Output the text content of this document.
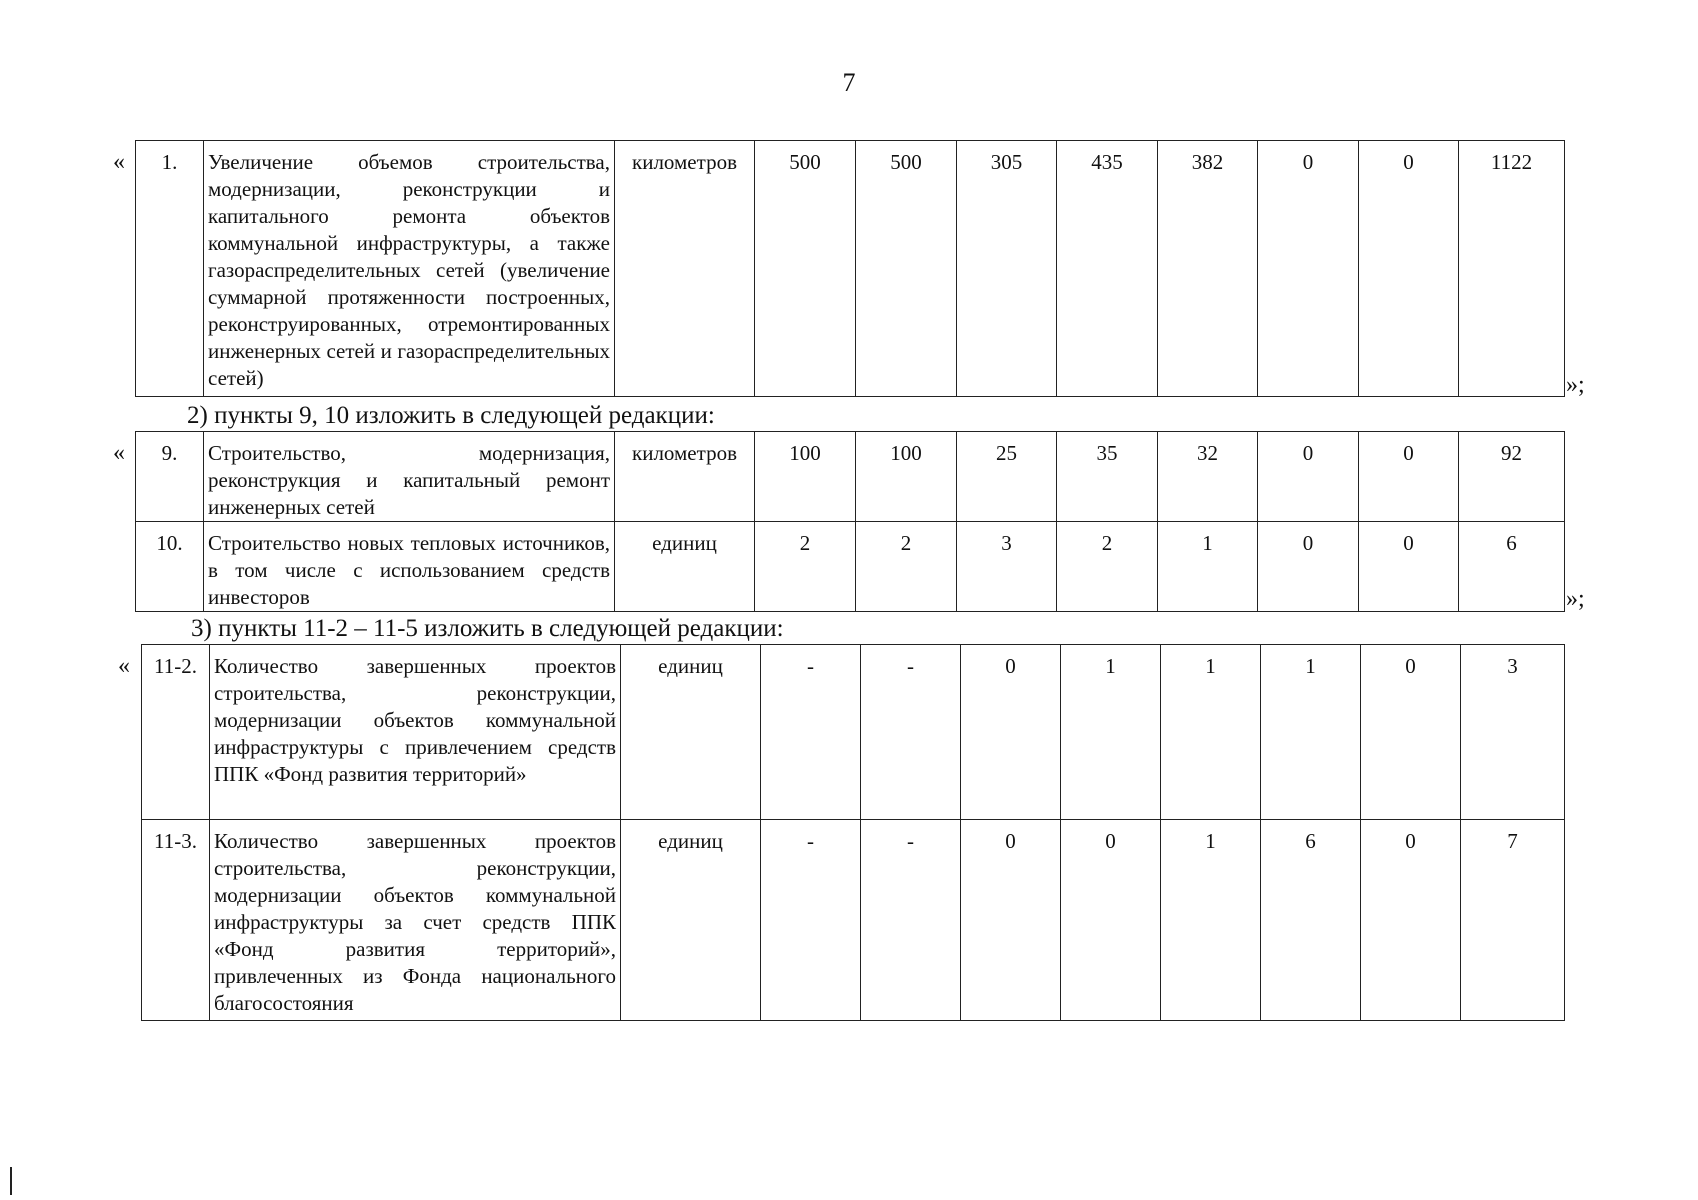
7
« 1.	Увеличение объемов строительства, модернизации, реконструкции и капитального ремонта объектов коммунальной инфраструктуры, а также газораспределительных сетей (увеличение суммарной протяженности построенных, реконструированных, отремонтированных инженерных сетей и газораспределительных сетей)	километров	500	500	305	435	382	0	0	1122
»;
2) пункты 9, 10 изложить в следующей редакции:
« 9.	Строительство, модернизация, реконструкция и капитальный ремонт инженерных сетей	километров	100	100	25	35	32	0	0	92
10.	Строительство новых тепловых источников, в том числе с использованием средств инвесторов	единиц	2	2	3	2	1	0	0	6
»;
3) пункты 11-2 – 11-5 изложить в следующей редакции:
« 11-2.	Количество завершенных проектов строительства, реконструкции, модернизации объектов коммунальной инфраструктуры с привлечением средств ППК «Фонд развития территорий»	единиц	-	-	0	1	1	1	0	3
11-3.	Количество завершенных проектов строительства, реконструкции, модернизации объектов коммунальной инфраструктуры за счет средств ППК «Фонд развития территорий», привлеченных из Фонда национального благосостояния	единиц	-	-	0	0	1	6	0	7
